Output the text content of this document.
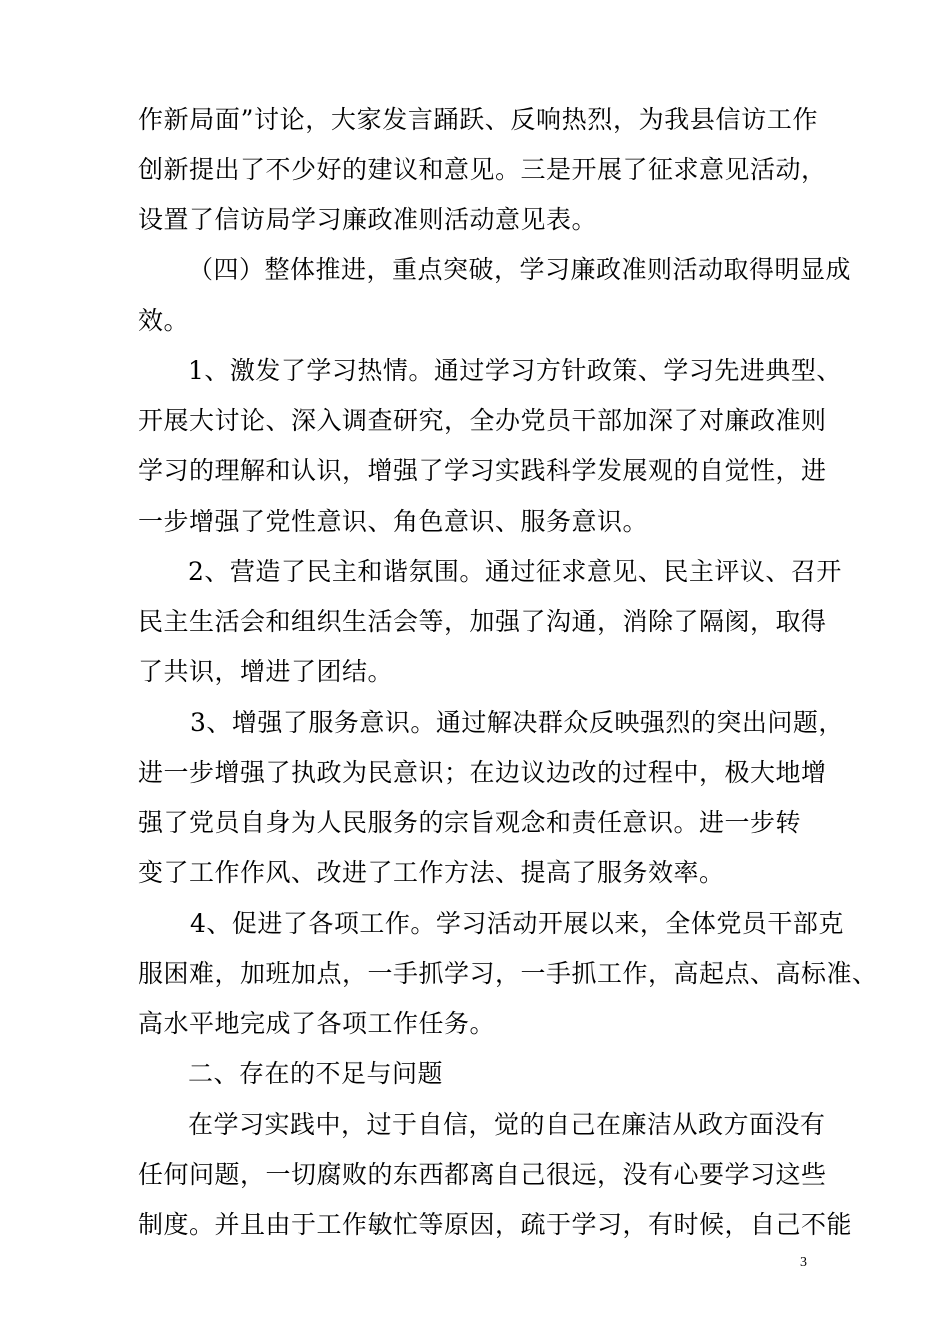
作新局面”讨论，大家发言踊跃、反响热烈，为我县信访工作
创新提出了不少好的建议和意见。三是开展了征求意见活动，
设置了信访局学习廉政准则活动意见表。
（四）整体推进，重点突破，学习廉政准则活动取得明显成
效。
1、激发了学习热情。通过学习方针政策、学习先进典型、
开展大讨论、深入调查研究，全办党员干部加深了对廉政准则
学习的理解和认识，增强了学习实践科学发展观的自觉性，进
一步增强了党性意识、角色意识、服务意识。
2、营造了民主和谐氛围。通过征求意见、民主评议、召开
民主生活会和组织生活会等，加强了沟通，消除了隔阂，取得
了共识，增进了团结。
3、增强了服务意识。通过解决群众反映强烈的突出问题，
进一步增强了执政为民意识；在边议边改的过程中，极大地增
强了党员自身为人民服务的宗旨观念和责任意识。进一步转
变了工作作风、改进了工作方法、提高了服务效率。
4、促进了各项工作。学习活动开展以来，全体党员干部克
服困难，加班加点，一手抓学习，一手抓工作，高起点、高标准、
高水平地完成了各项工作任务。
二、存在的不足与问题
在学习实践中，过于自信，觉的自己在廉洁从政方面没有
任何问题，一切腐败的东西都离自己很远，没有心要学习这些
制度。并且由于工作敏忙等原因，疏于学习，有时候，自己不能
3
